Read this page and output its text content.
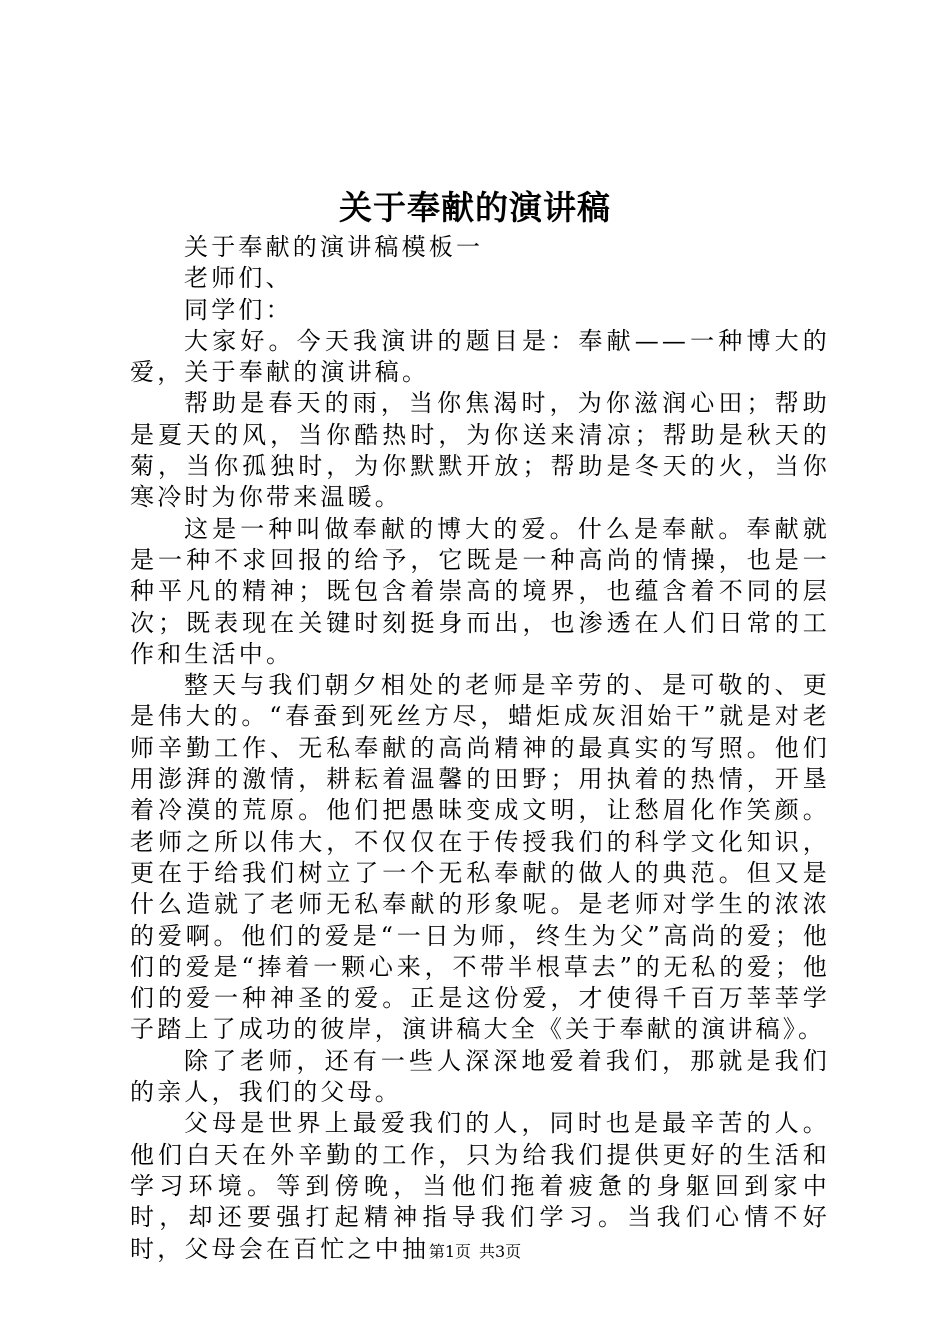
关于奉献的演讲稿

关于奉献的演讲稿模板一

老师们、

同学们：

大家好。今天我演讲的题目是：奉献——一种博大的爱，关于奉献的演讲稿。

帮助是春天的雨，当你焦渴时，为你滋润心田；帮助是夏天的风，当你酷热时，为你送来清凉；帮助是秋天的菊，当你孤独时，为你默默开放；帮助是冬天的火，当你寒冷时为你带来温暖。

这是一种叫做奉献的博大的爱。什么是奉献。奉献就是一种不求回报的给予，它既是一种高尚的情操，也是一种平凡的精神；既包含着崇高的境界，也蕴含着不同的层次；既表现在关键时刻挺身而出，也渗透在人们日常的工作和生活中。

整天与我们朝夕相处的老师是辛劳的、是可敬的、更是伟大的。“春蚕到死丝方尽，蜡炬成灰泪始干”就是对老师辛勤工作、无私奉献的高尚精神的最真实的写照。他们用澎湃的激情，耕耘着温馨的田野；用执着的热情，开垦着冷漠的荒原。他们把愚昧变成文明，让愁眉化作笑颜。老师之所以伟大，不仅仅在于传授我们的科学文化知识，更在于给我们树立了一个无私奉献的做人的典范。但又是什么造就了老师无私奉献的形象呢。是老师对学生的浓浓的爱啊。他们的爱是“一日为师，终生为父”高尚的爱；他们的爱是“捧着一颗心来，不带半根草去”的无私的爱；他们的爱一种神圣的爱。正是这份爱，才使得千百万莘莘学子踏上了成功的彼岸，演讲稿大全《关于奉献的演讲稿》。

除了老师，还有一些人深深地爱着我们，那就是我们的亲人，我们的父母。

父母是世界上最爱我们的人，同时也是最辛苦的人。他们白天在外辛勤的工作，只为给我们提供更好的生活和学习环境。等到傍晚，当他们拖着疲惫的身躯回到家中时，却还要强打起精神指导我们学习。当我们心情不好时，父母会在百忙之中抽 第1页 共3页
